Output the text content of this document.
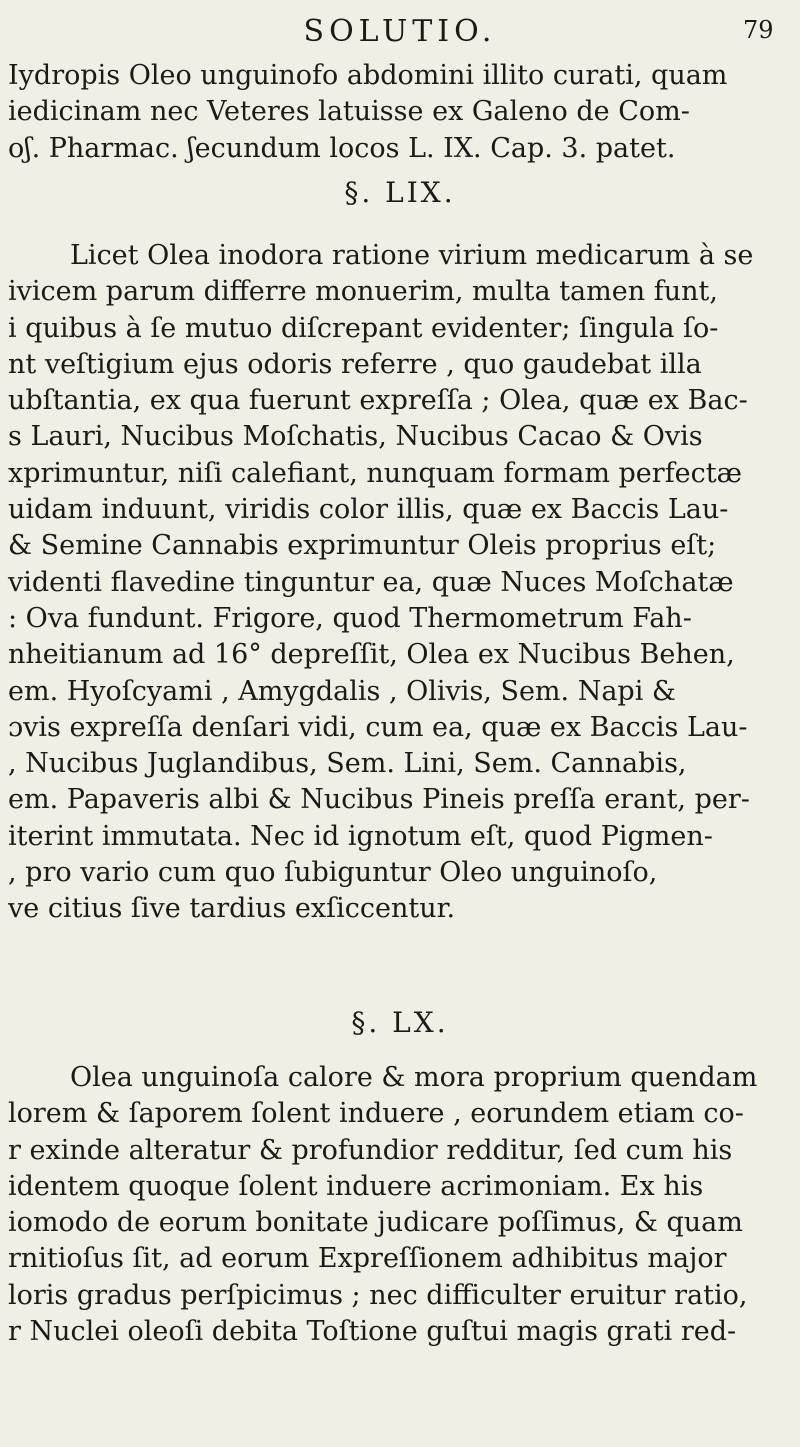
SOLUTIO.	79
Iydropis Oleo unguinofo abdomini illito curati, quam
iedicinam nec Veteres latuisse ex Galeno de Com-
oʃ. Pharmac. ʃecundum locos L. IX. Cap. 3. patet.
§. LIX.
Licet Olea inodora ratione virium medicarum à se
ivicem parum differre monuerim, multa tamen funt,
i quibus à ſe mutuo diſcrepant evidenter; ſingula ſo-
nt veſtigium ejus odoris referre , quo gaudebat illa
ubſtantia, ex qua fuerunt expreſſa ; Olea, quæ ex Bac-
s Lauri, Nucibus Moſchatis, Nucibus Cacao & Ovis
xprimuntur, niſi calefiant, nunquam formam perfectæ
uidam induunt, viridis color illis, quæ ex Baccis Lau-
& Semine Cannabis exprimuntur Oleis proprius eſt;
videnti flavedine tinguntur ea, quæ Nuces Moſchatæ
: Ova fundunt. Frigore, quod Thermometrum Fah-
nheitianum ad 16° depreſſit, Olea ex Nucibus Behen,
em. Hyoſcyami , Amygdalis , Olivis, Sem. Napi &
ɔvis expreſſa denſari vidi, cum ea, quæ ex Baccis Lau-
, Nucibus Juglandibus, Sem. Lini, Sem. Cannabis,
em. Papaveris albi & Nucibus Pineis preſſa erant, per-
iterint immutata. Nec id ignotum eſt, quod Pigmen-
, pro vario cum quo ſubiguntur Oleo unguinoſo,
ve citius ſive tardius exſiccentur.
§. LX.
Olea unguinoſa calore & mora proprium quendam
lorem & ſaporem ſolent induere , eorundem etiam co-
r exinde alteratur & profundior redditur, ſed cum his
identem quoque ſolent induere acrimoniam. Ex his
iomodo de eorum bonitate judicare poſſimus, & quam
rnitioſus ſit, ad eorum Expreſſionem adhibitus major
loris gradus perſpicimus ; nec difficulter eruitur ratio,
r Nuclei oleoſi debita Toſtione guſtui magis grati red-
